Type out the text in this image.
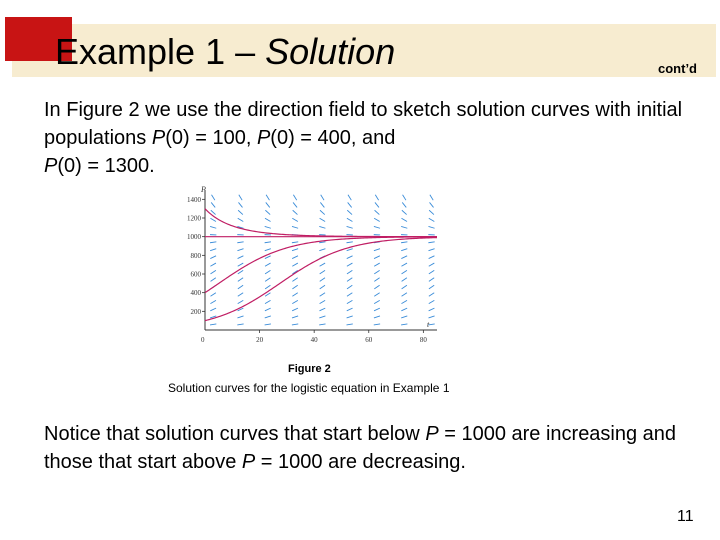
Example 1 – Solution	cont’d
In Figure 2 we use the direction field to sketch solution curves with initial populations P(0) = 100, P(0) = 400, and
P(0) = 1300.
20	40	60	80
200
400
600
800
1000
1200
1400
P
t
0
Figure 2
Solution curves for the logistic equation in Example 1
Notice that solution curves that start below P = 1000 are increasing and those that start above P = 1000 are decreasing.
11
